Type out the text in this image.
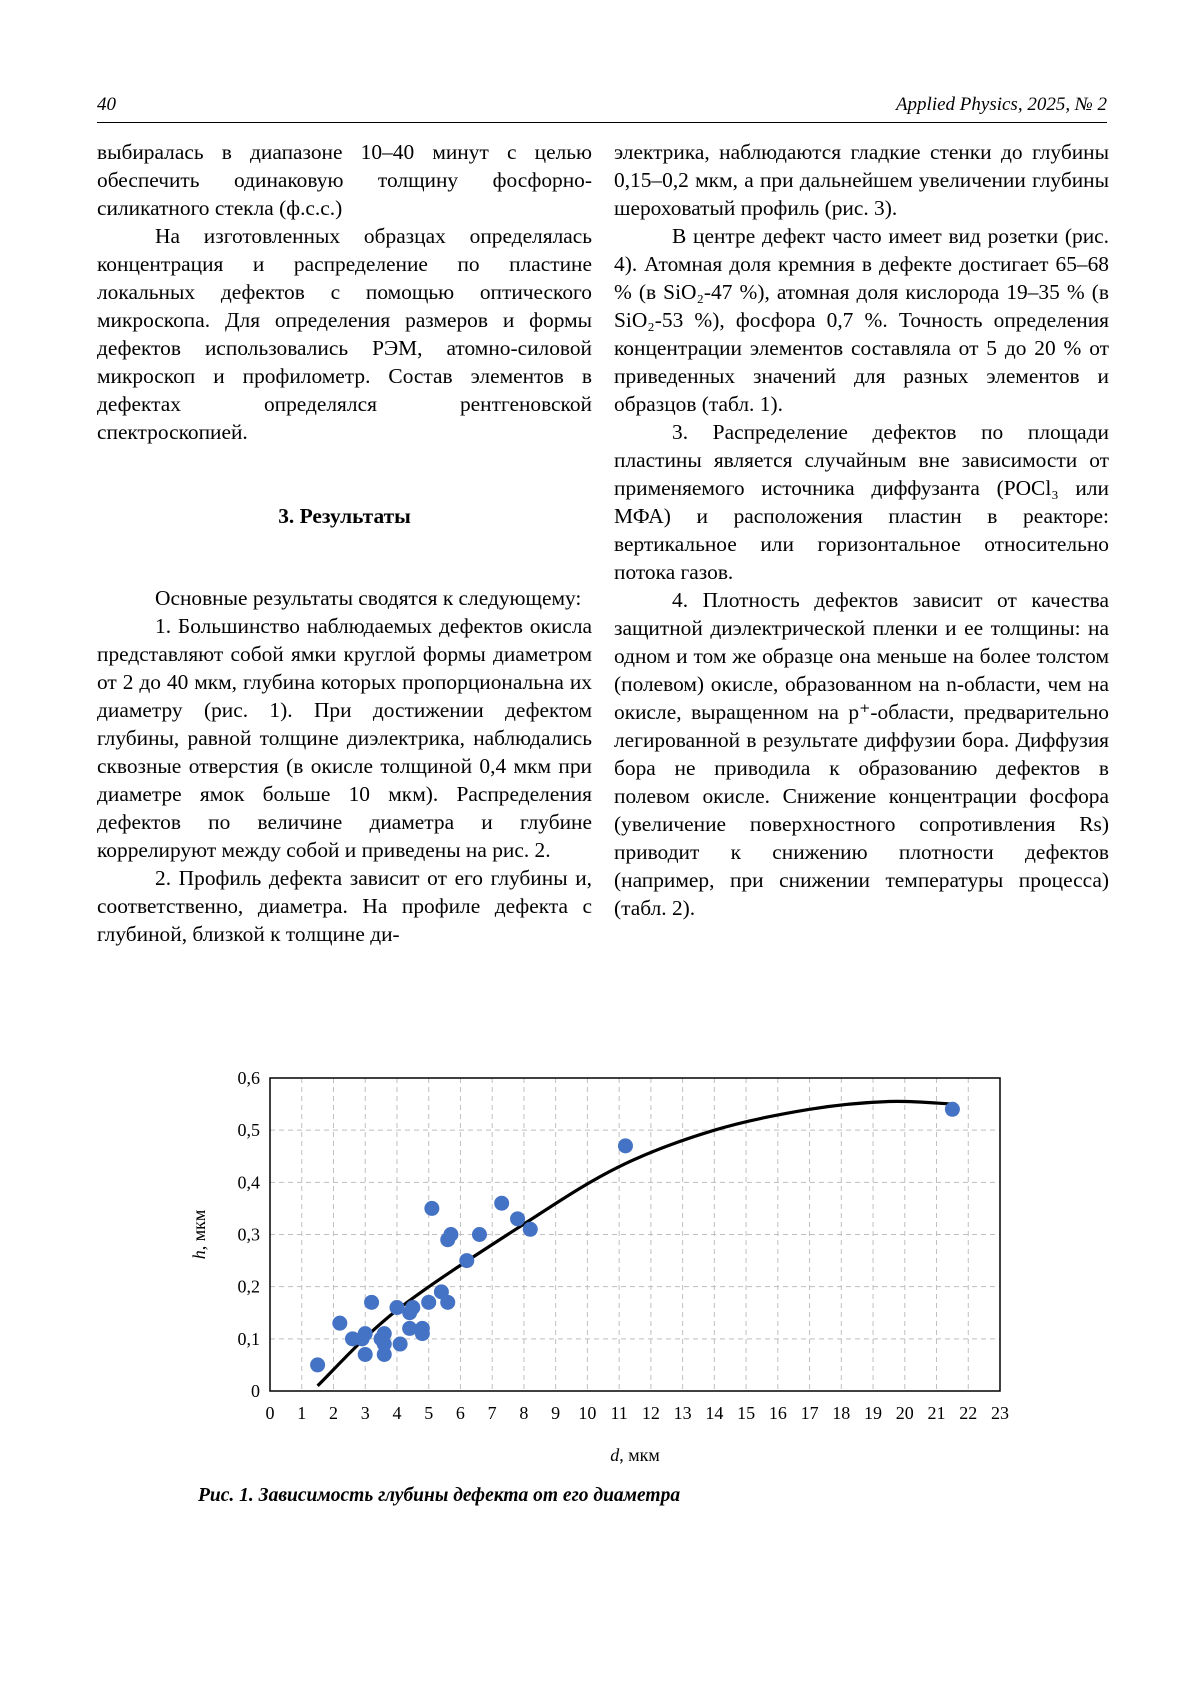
40	Applied Physics, 2025, № 2

выбиралась в диапазоне 10–40 минут с целью обеспечить одинаковую толщину фосфорно-силикатного стекла (ф.с.с.)

На изготовленных образцах определялась концентрация и распределение по пластине локальных дефектов с помощью оптического микроскопа. Для определения размеров и формы дефектов использовались РЭМ, атомно-силовой микроскоп и профилометр. Состав элементов в дефектах определялся рентгеновской спектроскопией.

3. Результаты

Основные результаты сводятся к следующему:

1. Большинство наблюдаемых дефектов окисла представляют собой ямки круглой формы диаметром от 2 до 40 мкм, глубина которых пропорциональна их диаметру (рис. 1). При достижении дефектом глубины, равной толщине диэлектрика, наблюдались сквозные отверстия (в окисле толщиной 0,4 мкм при диаметре ямок больше 10 мкм). Распределения дефектов по величине диаметра и глубине коррелируют между собой и приведены на рис. 2.

2. Профиль дефекта зависит от его глубины и, соответственно, диаметра. На профиле дефекта с глубиной, близкой к толщине ди-

электрика, наблюдаются гладкие стенки до глубины 0,15–0,2 мкм, а при дальнейшем увеличении глубины шероховатый профиль (рис. 3).

В центре дефект часто имеет вид розетки (рис. 4). Атомная доля кремния в дефекте достигает 65–68 % (в SiO₂-47 %), атомная доля кислорода 19–35 % (в SiO₂-53 %), фосфора 0,7 %. Точность определения концентрации элементов составляла от 5 до 20 % от приведенных значений для разных элементов и образцов (табл. 1).

3. Распределение дефектов по площади пластины является случайным вне зависимости от применяемого источника диффузанта (POCl₃ или МФА) и расположения пластин в реакторе: вертикальное или горизонтальное относительно потока газов.

4. Плотность дефектов зависит от качества защитной диэлектрической пленки и ее толщины: на одном и том же образце она меньше на более толстом (полевом) окисле, образованном на n-области, чем на окисле, выращенном на p⁺-области, предварительно легированной в результате диффузии бора. Диффузия бора не приводила к образованию дефектов в полевом окисле. Снижение концентрации фосфора (увеличение поверхностного сопротивления Rs) приводит к снижению плотности дефектов (например, при снижении температуры процесса) (табл. 2).

0 1 2 3 4 5 6 7 8 9 10 11 12 13 14 15 16 17 18 19 20 21 22 23
0
0,1
0,2
0,3
0,4
0,5
0,6
d, мкм
h, мкм
Рис. 1. Зависимость глубины дефекта от его диаметра
